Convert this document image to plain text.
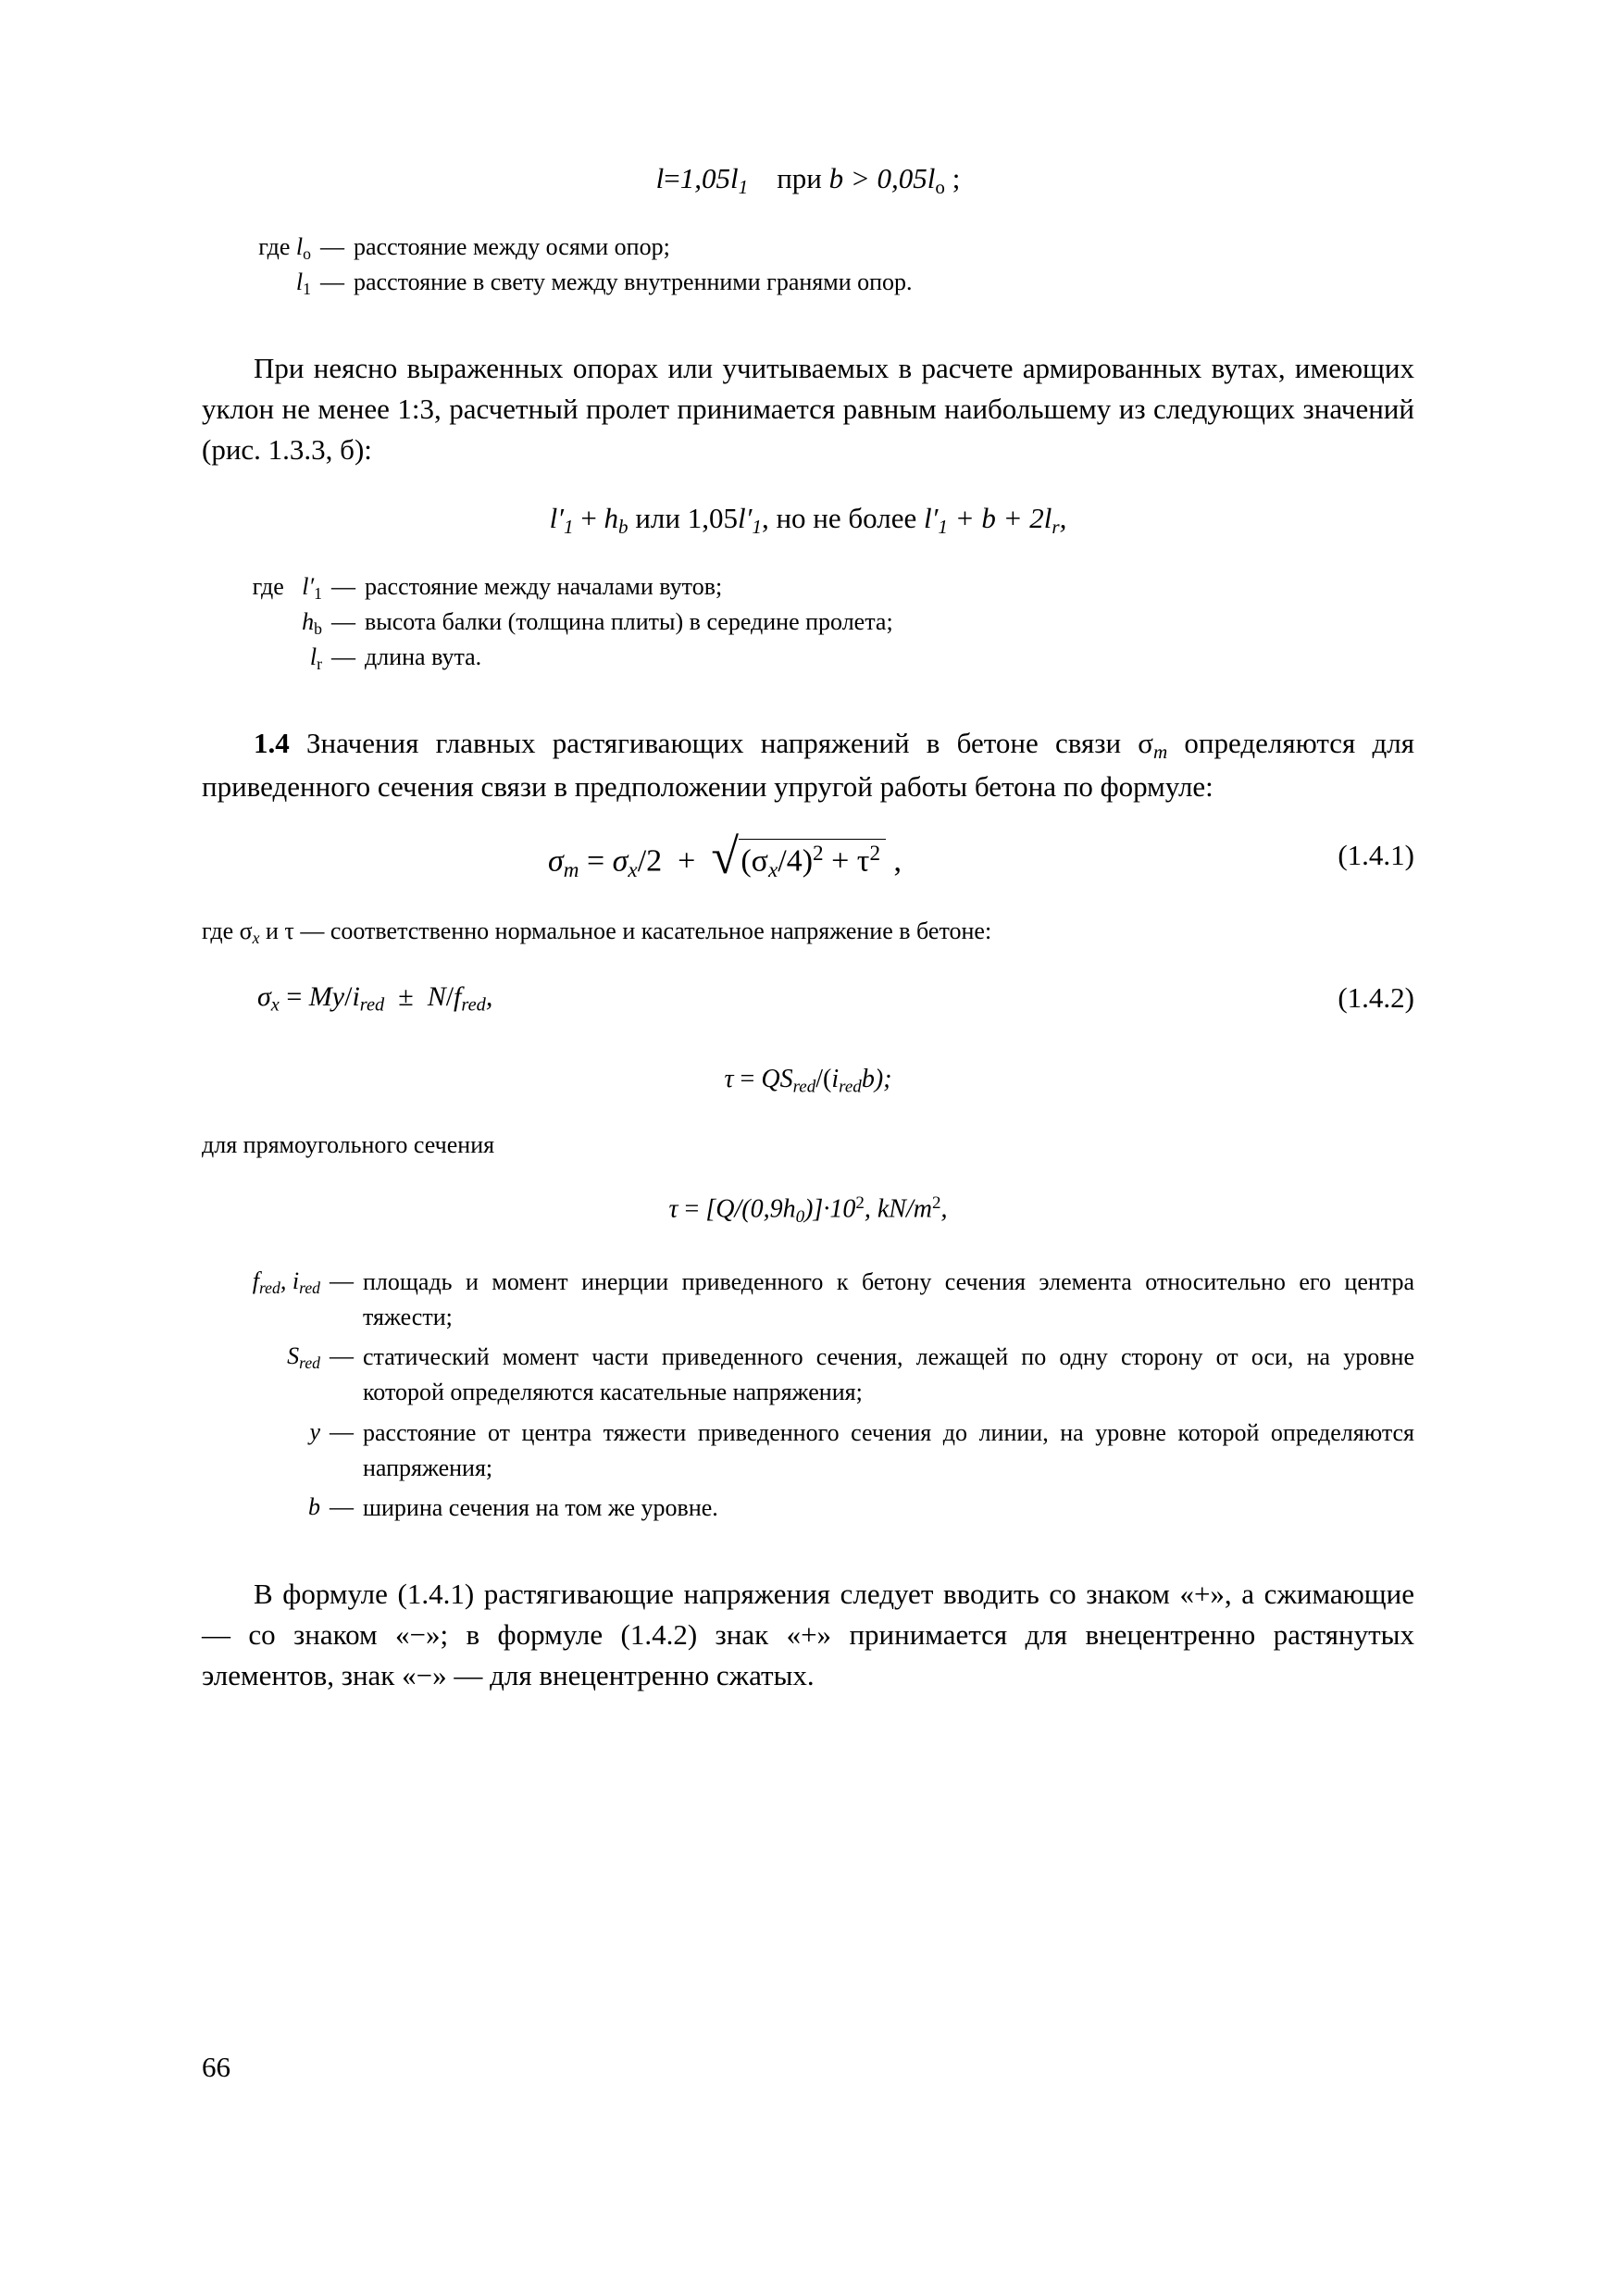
$l=1,05l_1$ при $b > 0,05l_о$ ;
где $l_о$ — расстояние между осями опор;
$l_1$ — расстояние в свету между внутренними гранями опор.

При неясно выраженных опорах или учитываемых в расчете армированных вутах, имеющих уклон не менее 1:3, расчетный пролет принимается равным наибольшему из следующих значений (рис. 1.3.3, б):

$l'_1 + h_b$ или $1,05l'_1$, но не более $l'_1 + b + 2l_r$,
где $l'_1$ — расстояние между началами вутов;
$h_b$ — высота балки (толщина плиты) в середине пролета;
$l_r$ — длина вута.

1.4 Значения главных растягивающих напряжений в бетоне связи $\sigma_m$ определяются для приведенного сечения связи в предположении упругой работы бетона по формуле:

(1.4.1)
$\sigma_m = \sigma_x/2$ + √ $(\sigma_x/4)^2 + \tau^2$ ,
где $\sigma_x$ и τ — соответственно нормальное и касательное напряжение в бетоне:
(1.4.2)
$\sigma_x = My/i_{red} \pm N/f_{red}$,
$\tau = QS_{red}/(i_{red}b)$;
для прямоугольного сечения
$\tau = [Q/(0,9h_0)]\cdot 10^2$, $kN/m^2$,
$f_{red}$, $i_{red}$ — площадь и момент инерции приведенного к бетону сечения элемента относительно его центра тяжести;
$S_{red}$ — статический момент части приведенного сечения, лежащей по одну сторону от оси, на уровне которой определяются касательные напряжения;
y — расстояние от центра тяжести приведенного сечения до линии, на уровне которой определяются напряжения;
b — ширина сечения на том же уровне.

В формуле (1.4.1) растягивающие напряжения следует вводить со знаком «+», а сжимающие — со знаком «−»; в формуле (1.4.2) знак «+» принимается для внецентренно растянутых элементов, знак «−» — для внецентренно сжатых.

66
